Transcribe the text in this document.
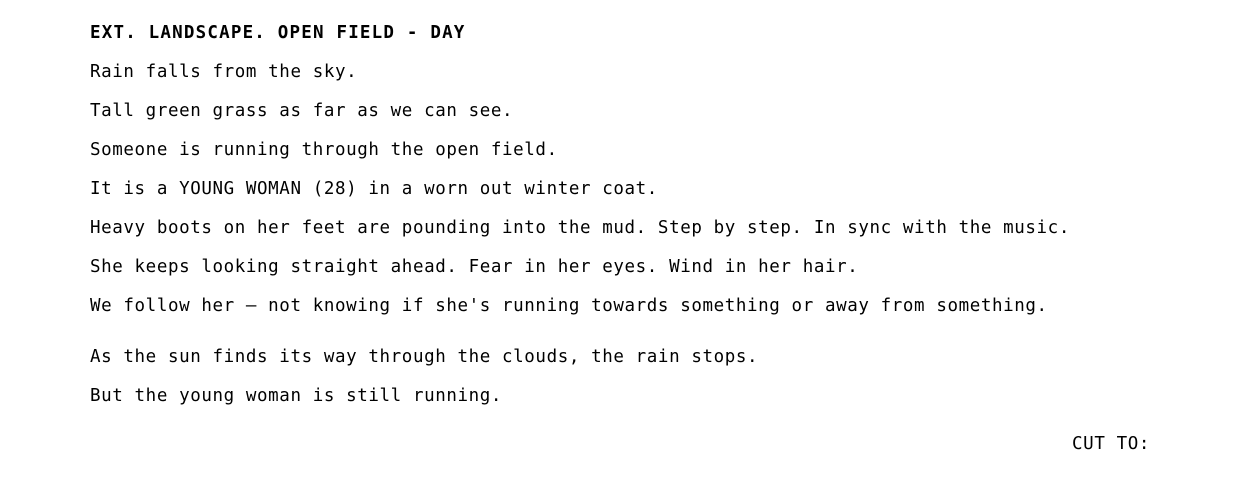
EXT. LANDSCAPE. OPEN FIELD - DAY
Rain falls from the sky.
Tall green grass as far as we can see.
Someone is running through the open field.
It is a YOUNG WOMAN (28) in a worn out winter coat.
Heavy boots on her feet are pounding into the mud. Step by step. In sync with the music.
She keeps looking straight ahead. Fear in her eyes. Wind in her hair.
We follow her — not knowing if she's running towards something or away from something.
As the sun finds its way through the clouds, the rain stops.
But the young woman is still running.
CUT TO:
